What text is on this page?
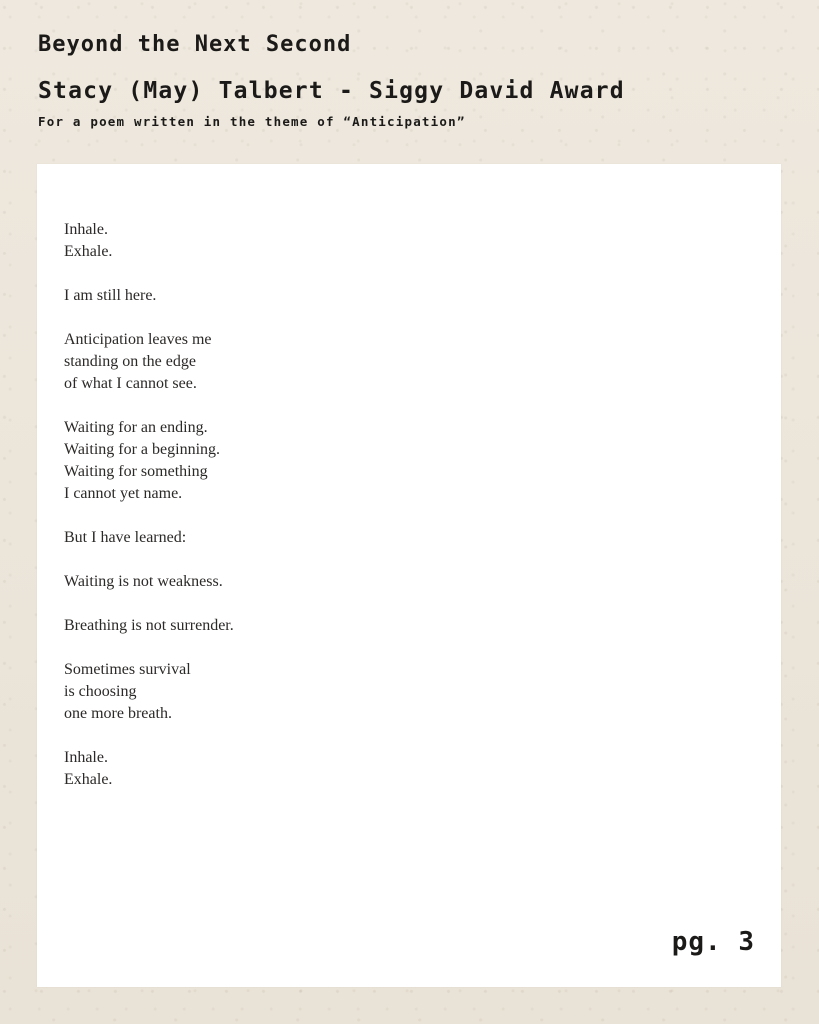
Beyond the Next Second
Stacy (May) Talbert - Siggy David Award
For a poem written in the theme of “Anticipation”
Inhale.
Exhale.
I am still here.
Anticipation leaves me
standing on the edge
of what I cannot see.
Waiting for an ending.
Waiting for a beginning.
Waiting for something
I cannot yet name.
But I have learned:
Waiting is not weakness.
Breathing is not surrender.
Sometimes survival
is choosing
one more breath.
Inhale.
Exhale.
pg. 3
